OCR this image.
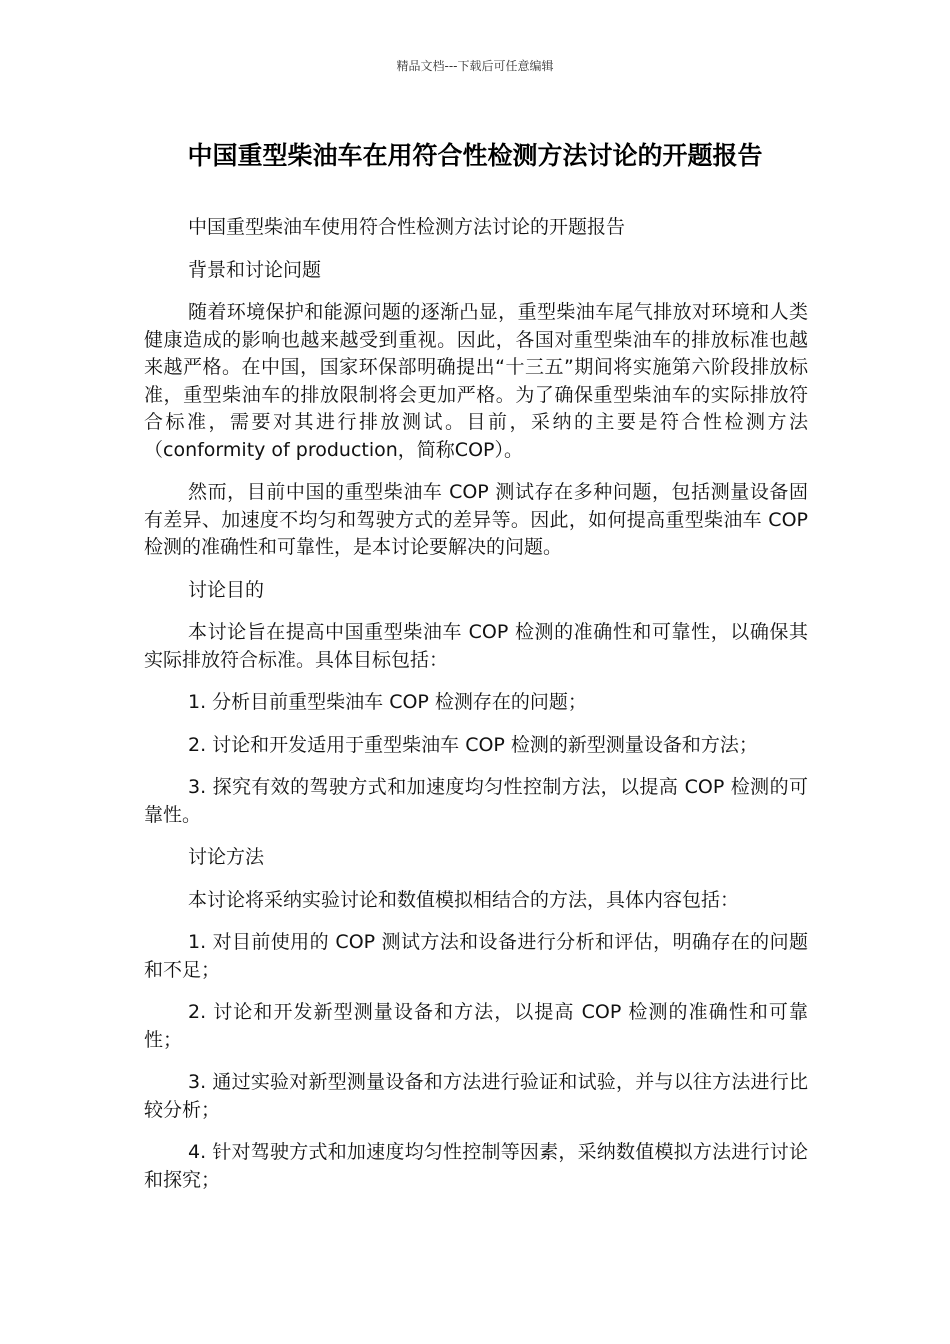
精品文档---下载后可任意编辑
中国重型柴油车在用符合性检测方法讨论的开题报告

中国重型柴油车使用符合性检测方法讨论的开题报告

背景和讨论问题

随着环境保护和能源问题的逐渐凸显，重型柴油车尾气排放对环境和人类健康造成的影响也越来越受到重视。因此，各国对重型柴油车的排放标准也越来越严格。在中国，国家环保部明确提出“十三五”期间将实施第六阶段排放标准，重型柴油车的排放限制将会更加严格。为了确保重型柴油车的实际排放符合标准，需要对其进行排放测试。目前，采纳的主要是符合性检测方法（conformity of production，简称COP）。

然而，目前中国的重型柴油车 COP 测试存在多种问题，包括测量设备固有差异、加速度不均匀和驾驶方式的差异等。因此，如何提高重型柴油车 COP 检测的准确性和可靠性，是本讨论要解决的问题。

讨论目的

本讨论旨在提高中国重型柴油车 COP 检测的准确性和可靠性，以确保其实际排放符合标准。具体目标包括：

1. 分析目前重型柴油车 COP 检测存在的问题；

2. 讨论和开发适用于重型柴油车 COP 检测的新型测量设备和方法；

3. 探究有效的驾驶方式和加速度均匀性控制方法，以提高 COP 检测的可靠性。

讨论方法

本讨论将采纳实验讨论和数值模拟相结合的方法，具体内容包括：

1. 对目前使用的 COP 测试方法和设备进行分析和评估，明确存在的问题和不足；

2. 讨论和开发新型测量设备和方法，以提高 COP 检测的准确性和可靠性；

3. 通过实验对新型测量设备和方法进行验证和试验，并与以往方法进行比较分析；

4. 针对驾驶方式和加速度均匀性控制等因素，采纳数值模拟方法进行讨论和探究；
